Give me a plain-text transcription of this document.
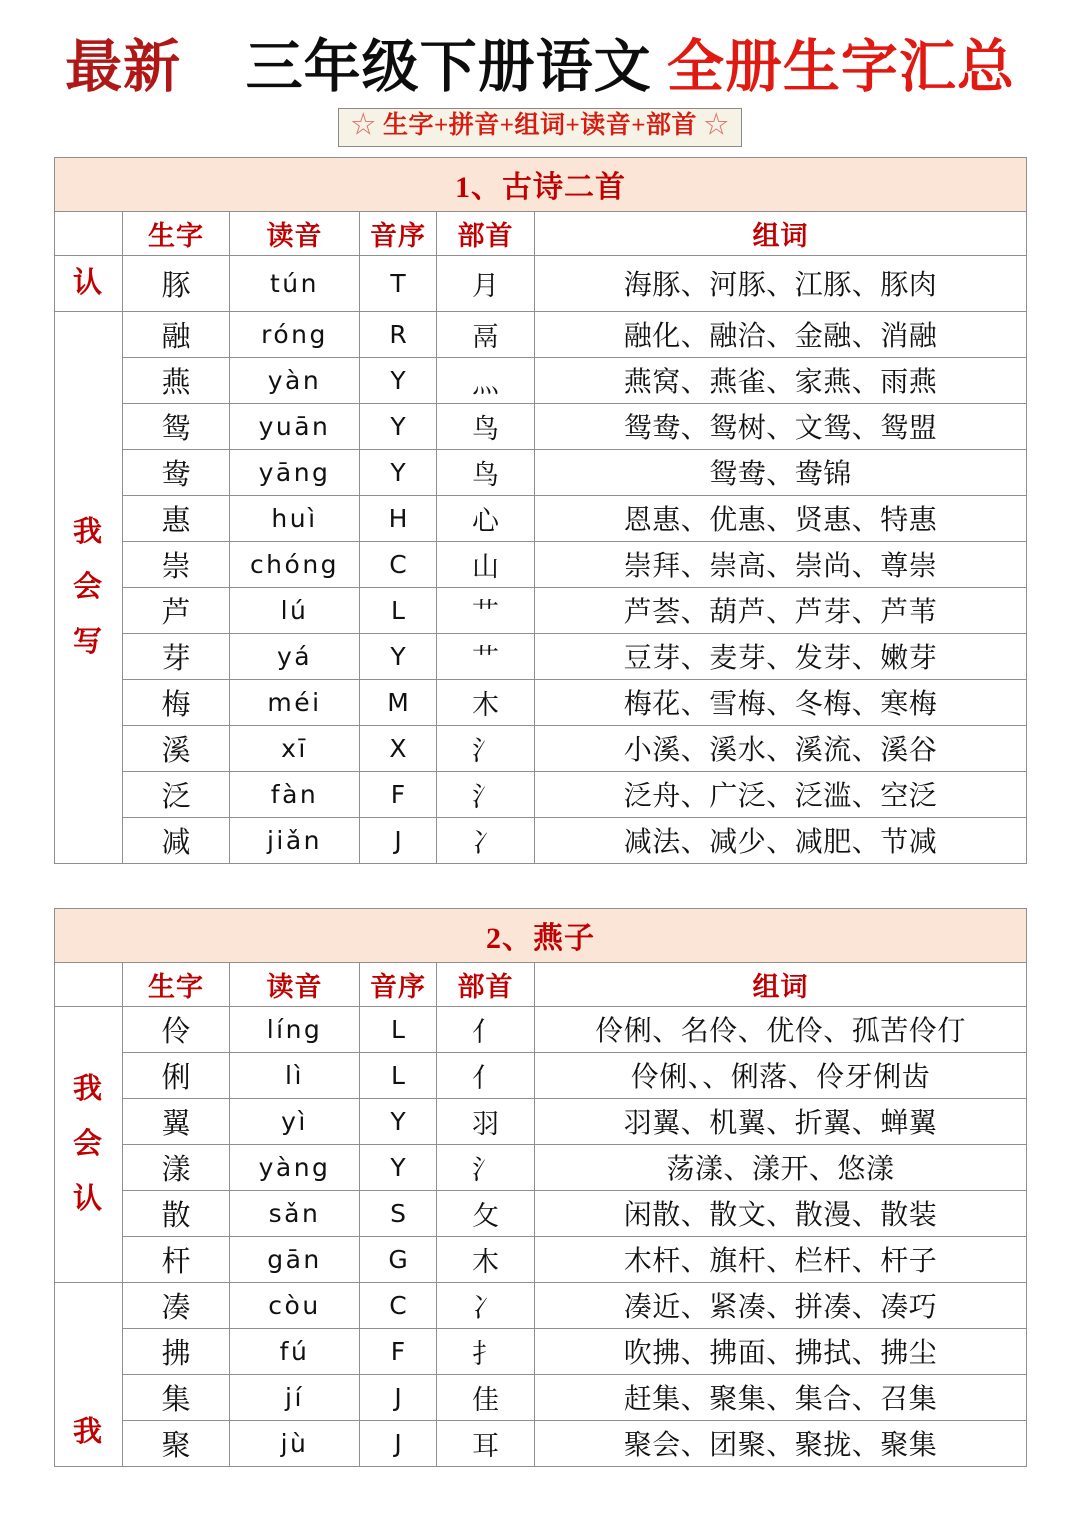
最新 三年级下册语文 全册生字汇总
☆ 生字+拼音+组词+读音+部首 ☆
1、古诗二首					
	生字	读音	音序	部首	组词

认	豚	tún	T	月	海豚、河豚、江豚、豚肉

我
会
写	融	róng	R	鬲	融化、融洽、金融、消融
	燕	yàn	Y	灬	燕窝、燕雀、家燕、雨燕
	鸳	yuān	Y	鸟	鸳鸯、鸳树、文鸳、鸳盟
	鸯	yāng	Y	鸟	鸳鸯、鸯锦
	惠	huì	H	心	恩惠、优惠、贤惠、特惠
	崇	chóng	C	山	崇拜、崇高、崇尚、尊崇
	芦	lú	L	艹	芦荟、葫芦、芦芽、芦苇
	芽	yá	Y	艹	豆芽、麦芽、发芽、嫩芽
	梅	méi	M	木	梅花、雪梅、冬梅、寒梅
	溪	xī	X	氵	小溪、溪水、溪流、溪谷
	泛	fàn	F	氵	泛舟、广泛、泛滥、空泛
	减	jiǎn	J	冫	减法、减少、减肥、节减
2、燕子					
	生字	读音	音序	部首	组词

我
会
认	伶	líng	L	亻	伶俐、名伶、优伶、孤苦伶仃
	俐	lì	L	亻	伶俐、、俐落、伶牙俐齿
	翼	yì	Y	羽	羽翼、机翼、折翼、蝉翼
	漾	yàng	Y	氵	荡漾、漾开、悠漾
	散	sǎn	S	攵	闲散、散文、散漫、散装
	杆	gān	G	木	木杆、旗杆、栏杆、杆子

我	凑	còu	C	冫	凑近、紧凑、拼凑、凑巧
	拂	fú	F	扌	吹拂、拂面、拂拭、拂尘
	集	jí	J	佳	赶集、聚集、集合、召集
	聚	jù	J	耳	聚会、团聚、聚拢、聚集
